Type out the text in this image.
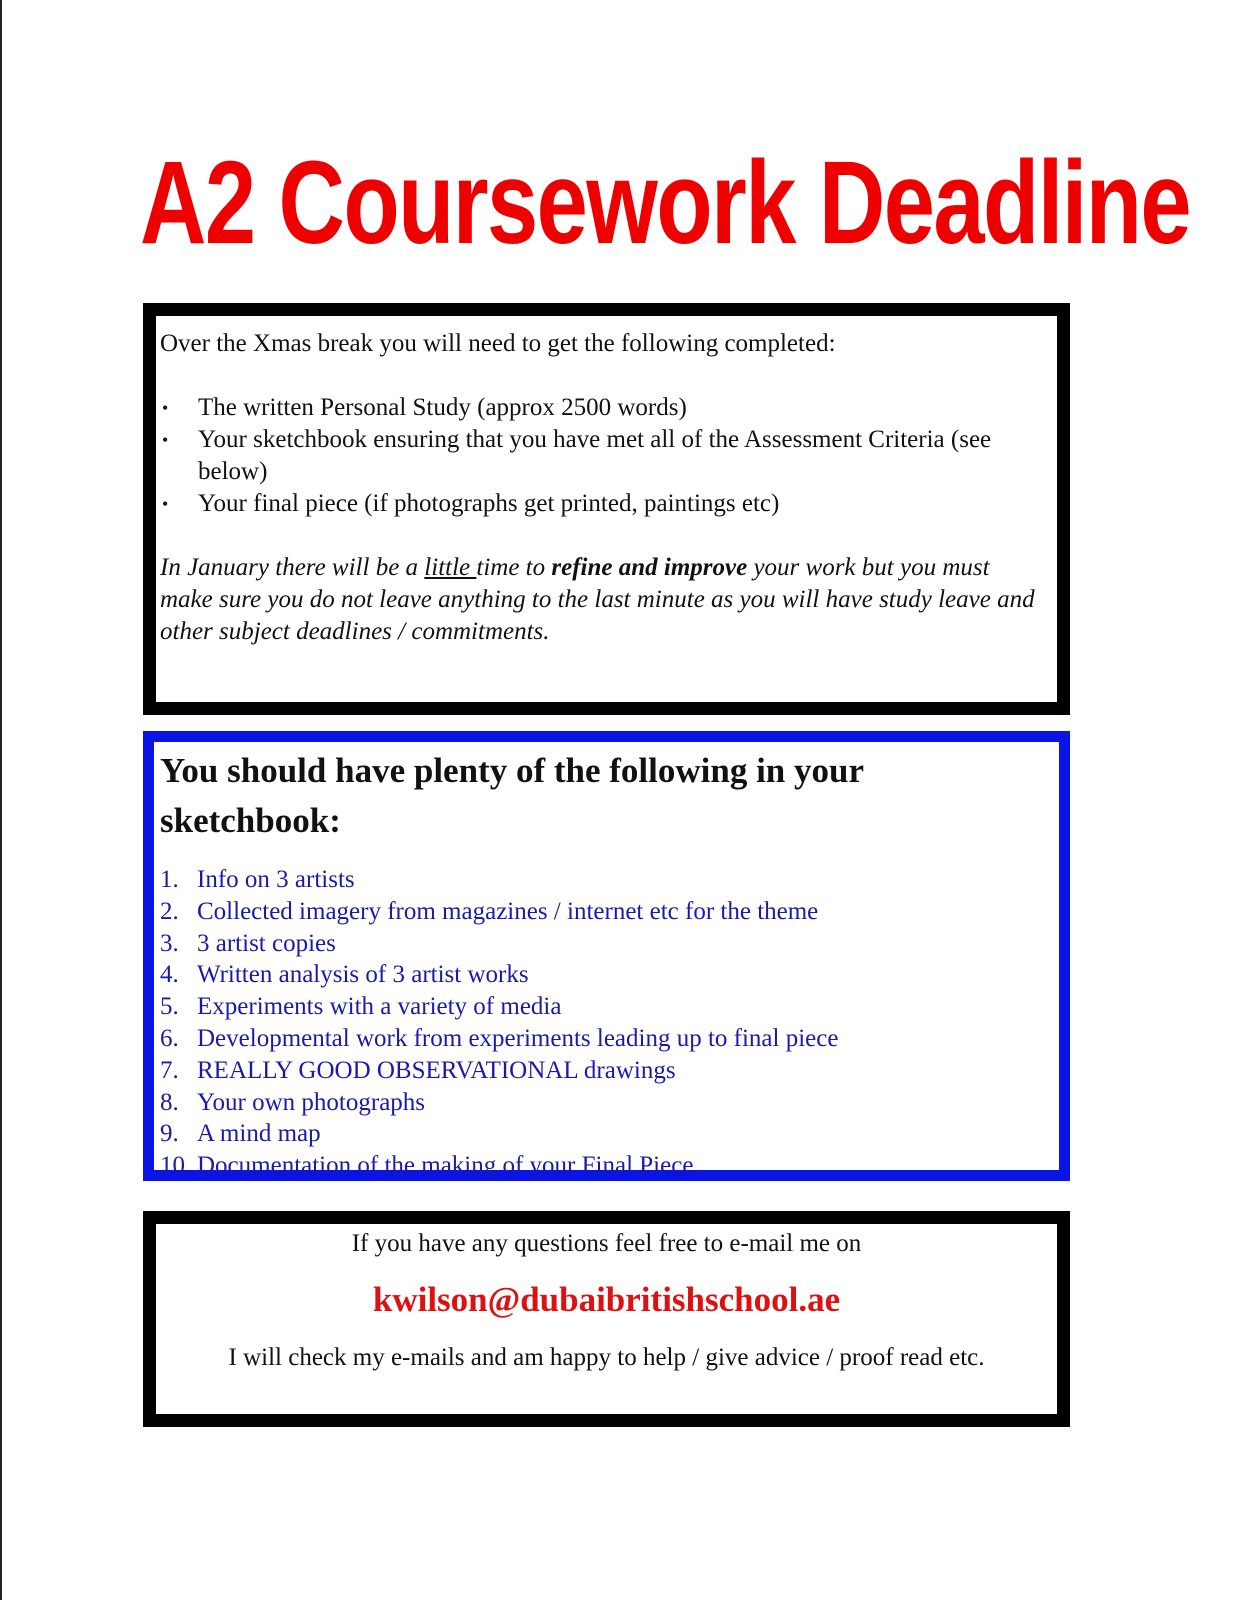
A2 Coursework Deadline

Over the Xmas break you will need to get the following completed:

• The written Personal Study (approx 2500 words)
• Your sketchbook ensuring that you have met all of the Assessment Criteria (see below)
• Your final piece (if photographs get printed, paintings etc)

In January there will be a little time to refine and improve your work but you must make sure you do not leave anything to the last minute as you will have study leave and other subject deadlines / commitments.

You should have plenty of the following in your sketchbook:
1. Info on 3 artists
2. Collected imagery from magazines / internet etc for the theme
3. 3 artist copies
4. Written analysis of 3 artist works
5. Experiments with a variety of media
6. Developmental work from experiments leading up to final piece
7. REALLY GOOD OBSERVATIONAL drawings
8. Your own photographs
9. A mind map
10. Documentation of the making of your Final Piece.

If you have any questions feel free to e-mail me on

kwilson@dubaibritishschool.ae

I will check my e-mails and am happy to help / give advice / proof read etc.
